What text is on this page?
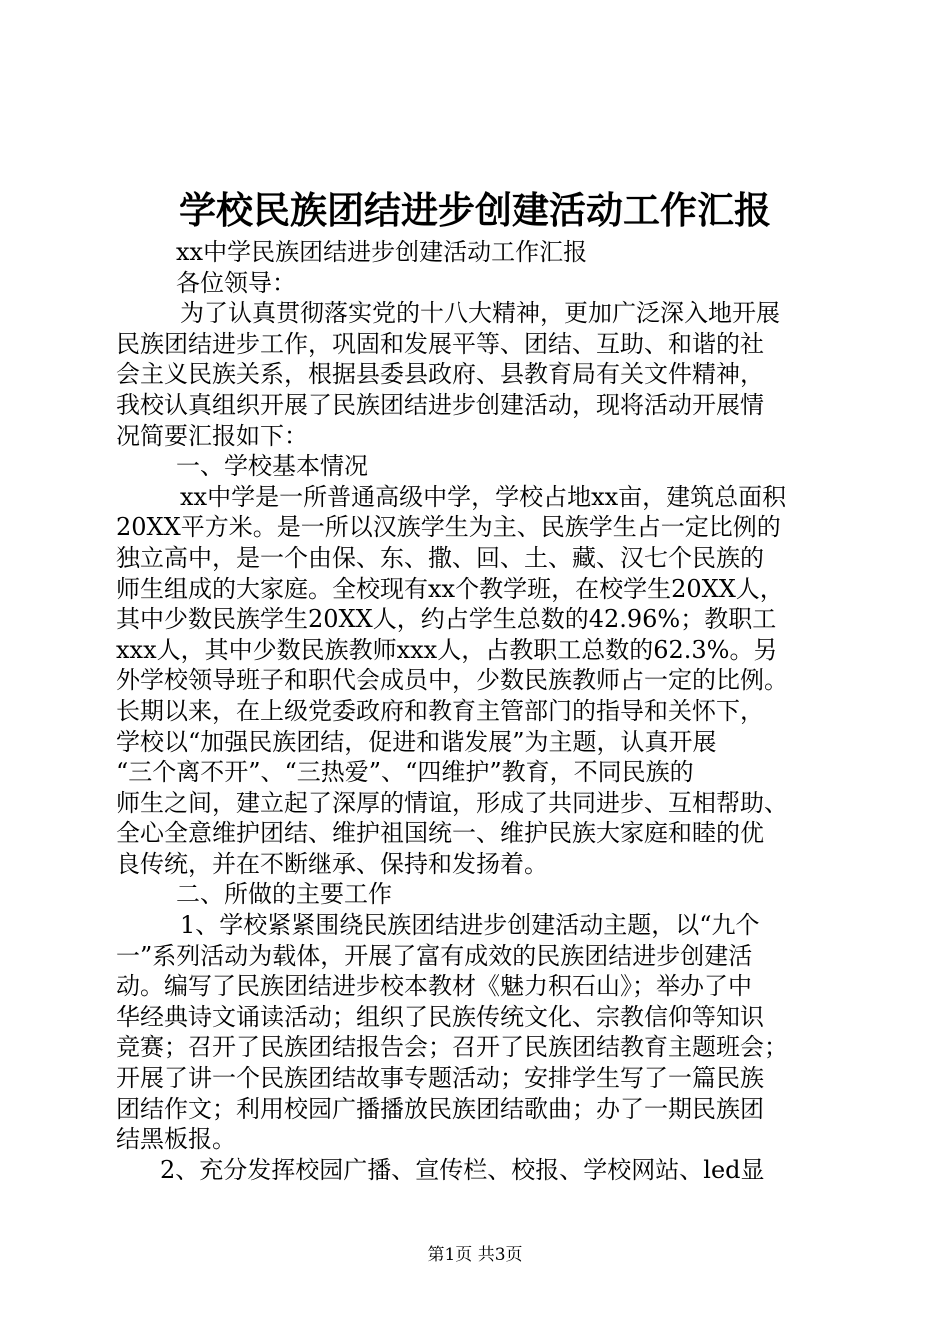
学校民族团结进步创建活动工作汇报
xx中学民族团结进步创建活动工作汇报
各位领导：
为了认真贯彻落实党的十八大精神，更加广泛深入地开展
民族团结进步工作，巩固和发展平等、团结、互助、和谐的社
会主义民族关系，根据县委县政府、县教育局有关文件精神，
我校认真组织开展了民族团结进步创建活动，现将活动开展情
况简要汇报如下：
一、学校基本情况
xx中学是一所普通高级中学，学校占地xx亩，建筑总面积
20XX平方米。是一所以汉族学生为主、民族学生占一定比例的
独立高中，是一个由保、东、撒、回、土、藏、汉七个民族的
师生组成的大家庭。全校现有xx个教学班，在校学生20XX人，
其中少数民族学生20XX人，约占学生总数的42.96%；教职工
xxx人，其中少数民族教师xxx人，占教职工总数的62.3%。另
外学校领导班子和职代会成员中，少数民族教师占一定的比例。
长期以来，在上级党委政府和教育主管部门的指导和关怀下，
学校以“加强民族团结，促进和谐发展”为主题，认真开展
“三个离不开”、“三热爱”、“四维护”教育，不同民族的
师生之间，建立起了深厚的情谊，形成了共同进步、互相帮助、
全心全意维护团结、维护祖国统一、维护民族大家庭和睦的优
良传统，并在不断继承、保持和发扬着。
二、所做的主要工作
1、学校紧紧围绕民族团结进步创建活动主题，以“九个
一”系列活动为载体，开展了富有成效的民族团结进步创建活
动。编写了民族团结进步校本教材《魅力积石山》；举办了中
华经典诗文诵读活动；组织了民族传统文化、宗教信仰等知识
竞赛；召开了民族团结报告会；召开了民族团结教育主题班会；
开展了讲一个民族团结故事专题活动；安排学生写了一篇民族
团结作文；利用校园广播播放民族团结歌曲；办了一期民族团
结黑板报。
2、充分发挥校园广播、宣传栏、校报、学校网站、led显
第1页 共3页
